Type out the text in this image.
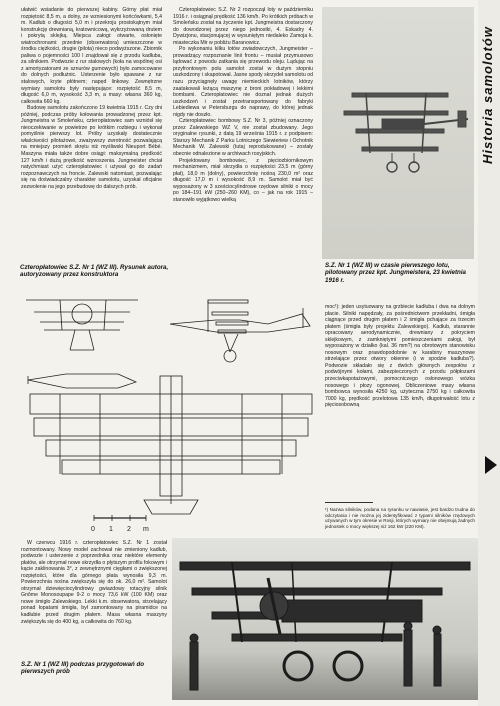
Historia samolotów

ułatwić wsiadanie do pierwszej kabiny. Górny płat miał rozpiętość 8,5 m, a dolny, ze wzniesionymi końcówkami, 5,4 m. Kadłub o długości 5,0 m i przekroju prostokątnym miał konstrukcję drewnianą, kratownicową, wykrzyżowaną drutem i pokrytą sklejką. Miejsca załogi: otwarte, osłonięte wiatrochronami: przednie (obserwatora) umieszczone w środku ciężkości, drugie (pilota) nieco podwyższone. Zbiornik paliwa o pojemności 100 l znajdował się z przodu kadłuba, za silnikiem. Podwozie z rur stalowych (koła na wspólnej osi z amortyzatorami ze sznurów gumowych) było zamocowane do dolnych podłużnic. Usterzenie było spawane z rur stalowych, kryte płótnem; napęd linkowy. Zewnętrzne wymiary samolotu były następujące: rozpiętość 8,5 m, długość 6,0 m, wysokość 3,3 m, a masy: własna 360 kg, całkowita 660 kg.

Budowę samolotu zakończono 19 kwietnia 1915 r. Czy dni później, podczas próby kołowania prowadzonej przez kpt. Jungmeistra w Smoleńsku, czteropłatowiec sam wzniósł się nieoczekiwanie w powietrze po krótkim rozbiegu i wykonał pomyślnie pierwszy lot. Próby uzyskały dostatecznie właściwości pilotażowe, zważywszy zwrotność pozwalającą na mniejszy promień skrętu niż myśliwski Nieuport Bébé. Maszyna miała także dobre osiągi: maksymalną prędkość 127 km/h i dużą prędkość wznoszenia. Jungmeister chciał natychmiast użyć czteropłatowiec i używał go do zadań rozpoznawczych na froncie. Zalewski natomiast, pozwalając się na doświadczalny charakter samolotu, uzyskał oficjalne zezwolenie na jego przebudowę do dalszych prób.

Czteropłatowiec S.Z. Nr 2 rozpoczął loty w październiku 1916 r. i osiągnął prędkość 136 km/h. Po krótkich próbach w Smoleńsku został na życzenie kpt. Jungmeistra dostarczony do dowodzonej przez niego jednostki, 4. Eskadry 4. Dywizjonu, stacjonującej w wysuniętym niedaleko Zamoja k. miasteczka Mir w pobliżu Baranowicz.

Po wykonaniu kilku lotów zwiadowczych, Jungmeister – prowadzący rozpoznanie linii frontu – musiał przymusowo lądować z powodu zatkania się przewodu oleju. Lądując na przyfrontowym polu samolot został w dużym stopniu uszkodzony i skapotował. Jasne spody skrzydeł samolotu od razu przyciągnęły uwagę niemieckich lotników, którzy zaatakowali leżącą maszynę z broni pokładowej i lekkimi bombami. Czteropłatowiec nie doznał jednak dużych uszkodzeń i został przetransportowany do fabryki Lebiediewa w Petersburgu do naprawy, do której jednak nigdy nie doszło.

Czteropłatowiec bombowy S.Z. Nr 3, później oznaczony przez Zalewskiego WZ V, nie został zbudowany. Jego oryginalne rysunki, z datą 19 września 1915 r. z podpisem: Starszy Mechanik Z Parku Lotniczego Siewieriew i Ochotnik Mechanik W. Zalewski (tutaj reprodukowane) – zostały obecnie odnalezione w archiwach rosyjskich.

Projektowany bombowiec, z pięciozbiornikowym mechanizmem, miał skrzydła o rozpiętości 23,5 m (górny płat), 18,0 m (dolny), powierzchnię nośną 230,0 m² oraz długość 17,0 m i wysokość 8,9 m. Samolot miał być wyposażony w 3 sześciocylindrowe rzędowe silniki o mocy po 184–191 kW (250–260 KM), co – jak na rok 1915 – stanowiło wyjątkowo wielką

S.Z. Nr 1 (WZ III) w czasie pierwszego lotu, pilotowany przez kpt. Jungmeistera, 23 kwietnia 1916 r.

moc¹): jeden usytuowany na grzbiecie kadłuba i dwa na dolnym płacie. Silniki napędzały, za pośrednictwem przekładni, śmigła ciągnące przed drugim płatem i 2 śmigła pchające za trzecim płatem (śmigła były projektu Zalewskiego). Kadłub, starannie opracowany aerodynamicznie, drewniany z pokryciem sklejkowym, z zamkniętymi pomieszczeniami załogi, był wyposażony w działko (kal. 36 mm?) na obrotowym stanowisku nosowym oraz prawdopodobnie w karabiny maszynowe strzelające przez otwory okienne (i w spodzie kadłuba?). Podwozie składało się z dwóch głównych zespołów z podwójnymi kołami, zabezpieczonych z przodu półpłozami przeciwkapotażowymi, pomocniczego osłonowego wózka nosowego i płozy ogonowej. Obliczeniowe masy własna bombowca wynosiła 4250 kg, użyteczna 2750 kg i całkowita 7000 kg, prędkość przelotowa 135 km/h, długotrwałość lotu z pięciosobowną

¹) Nazwa silników, podana na rysunku w nawiasie, jest bardzo trudna do odczytania i nie można jej zidentyfikować z typami silników rzędowych używanych w tym okresie w Rosji, których wymiary nie obejmują żadnych jednostek o mocy większej niż 162 kW (220 KM).
Czteropłatowiec S.Z. Nr 1 (WZ III). Rysunek autora, autoryzowany przez konstruktora
0 1 2 m

W czerwcu 1916 r. czteropłatowiec S.Z. Nr 1 został rozmontowany. Nowy model zachował nie zmieniony kadłub, podwozie i usterzenie z poprzednika oraz niektóre elementy płatów, ale otrzymał nowe skrzydła o płytszym profilu fokowym i kącie zaklinowania 3°, z zewnętrznymi cięgłami o zwiększonej rozpiętości, które dla górnego płata wynosiła 9,3 m. Powierzchnia nośna zwiększyła się do ok. 26,0 m². Samolot otrzymał dziewięciocylindrowy gwiazdowy rotacyjny silnik Gnôme Monosoupape 9-2 o mocy 73,6 kW (100 KM) oraz nowe śmigło Zalewskiego. Lekki k.m. obserwatora, strzelający ponad łopatami śmigła, był zamontowany na piramidce na kadłubie przed drugim płatem. Masa własna maszyny zwiększyła się do 400 kg, a całkowita do 760 kg.

S.Z. Nr 1 (WZ III) podczas przygotowań do pierwszych prób
